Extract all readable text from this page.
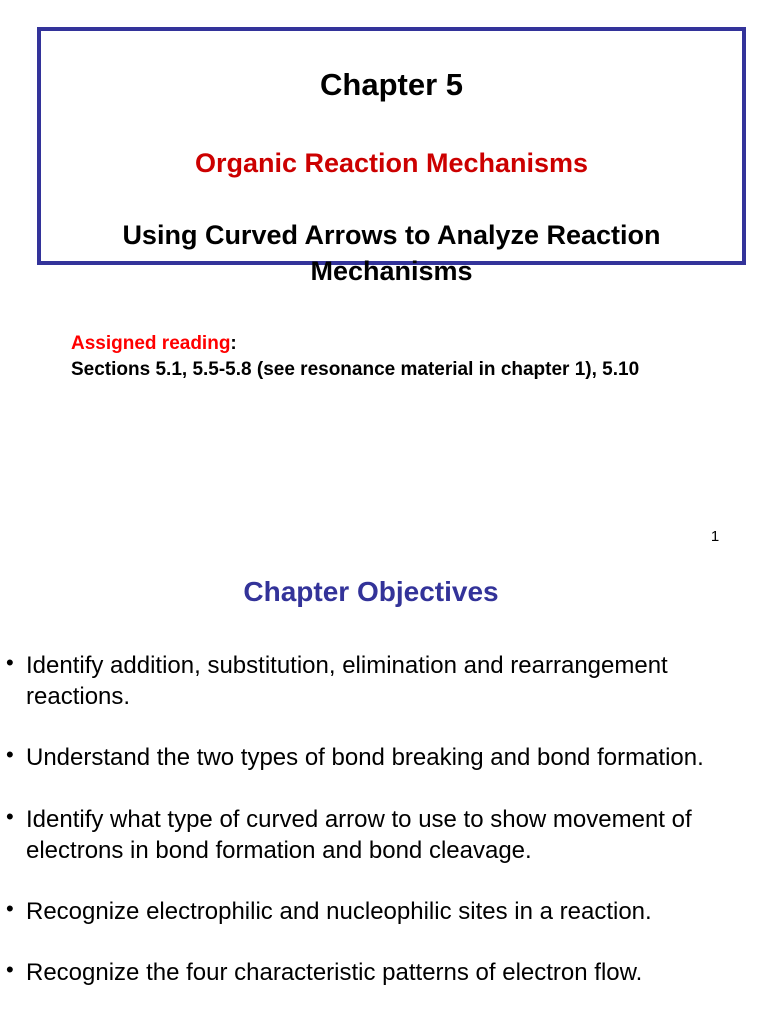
Chapter 5
Organic Reaction Mechanisms
Using Curved Arrows to Analyze Reaction Mechanisms
Assigned reading:
Sections 5.1, 5.5-5.8 (see resonance material in chapter 1), 5.10
1
Chapter Objectives
• Identify addition, substitution, elimination and rearrangement
reactions.
• Understand the two types of bond breaking and bond formation.
• Identify what type of curved arrow to use to show movement of
electrons in bond formation and bond cleavage.
• Recognize electrophilic and nucleophilic sites in a reaction.
• Recognize the four characteristic patterns of electron flow.
